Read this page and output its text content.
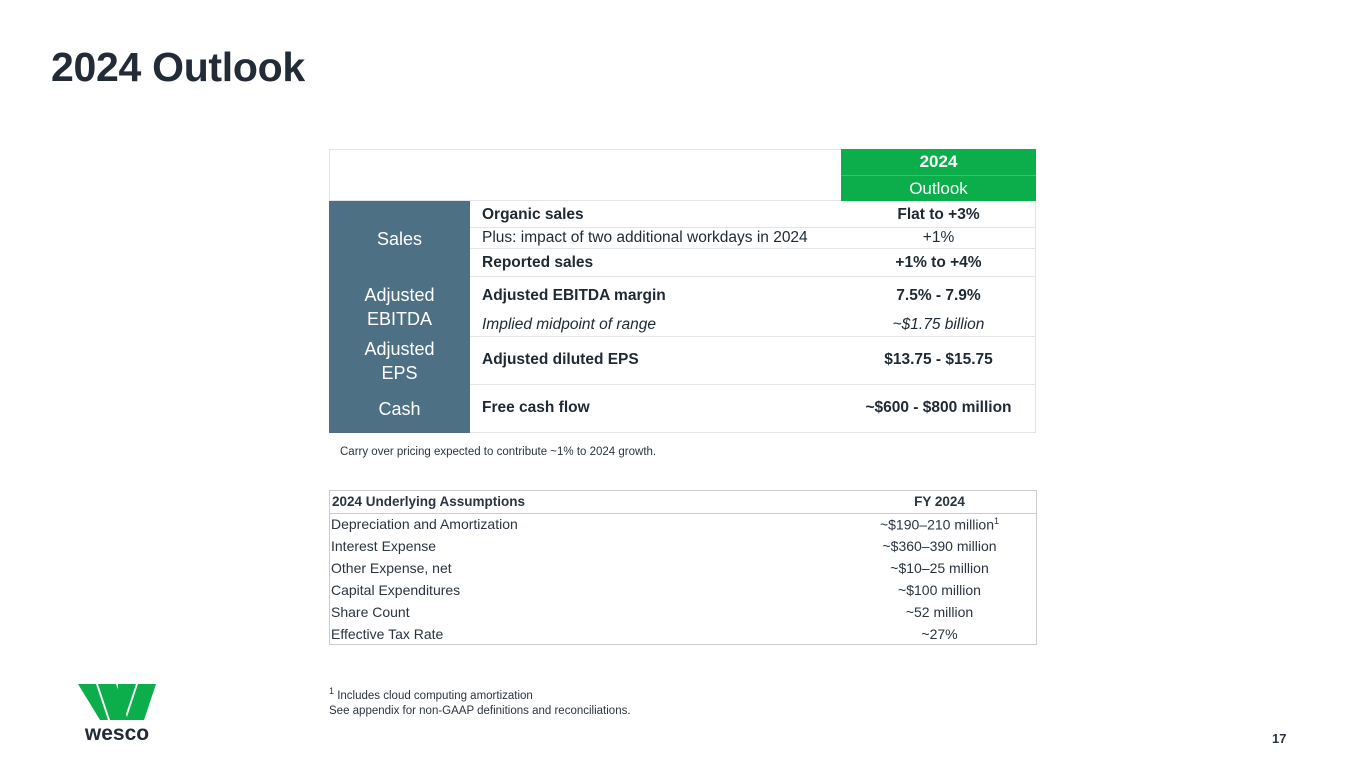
2024 Outlook
2024
Outlook
Sales
Organic sales	Flat to +3%
Plus: impact of two additional workdays in 2024	+1%
Reported sales	+1% to +4%
Adjusted
EBITDA
Adjusted EBITDA margin	7.5% - 7.9%
Implied midpoint of range	~$1.75 billion
Adjusted
EPS
Adjusted diluted EPS	$13.75 - $15.75
Cash	Free cash flow	~$600 - $800 million
Carry over pricing expected to contribute ~1% to 2024 growth.
2024 Underlying Assumptions	FY 2024
Depreciation and Amortization	~$190–210 million$^1$
Interest Expense	~$360–390 million
Other Expense, net	~$10–25 million
Capital Expenditures	~$100 million
Share Count	~52 million
Effective Tax Rate	~27%
$^1$ Includes cloud computing amortization
See appendix for non-GAAP definitions and reconciliations.
wesco	17
